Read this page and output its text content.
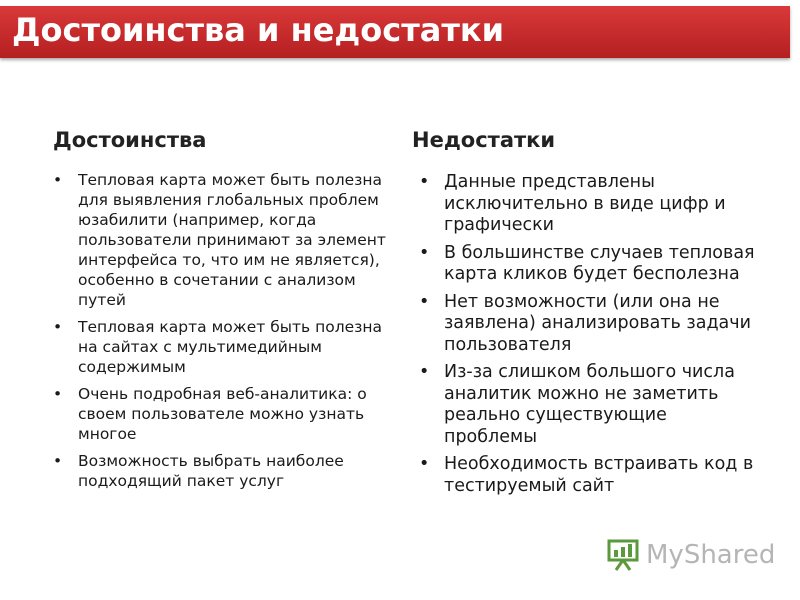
Достоинства и недостатки
Достоинства	Недостатки
• Тепловая карта может быть полезна для выявления глобальных проблем юзабилити (например, когда пользователи принимают за элемент интерфейса то, что им не является), особенно в сочетании с анализом путей
• Тепловая карта может быть полезна на сайтах с мультимедийным содержимым
• Очень подробная веб-аналитика: о своем пользователе можно узнать многое
• Возможность выбрать наиболее подходящий пакет услуг
• Данные представлены исключительно в виде цифр и графически
• В большинстве случаев тепловая карта кликов будет бесполезна
• Нет возможности (или она не заявлена) анализировать задачи пользователя
• Из-за слишком большого числа аналитик можно не заметить реально существующие проблемы
• Необходимость встраивать код в тестируемый сайт
MyShared
